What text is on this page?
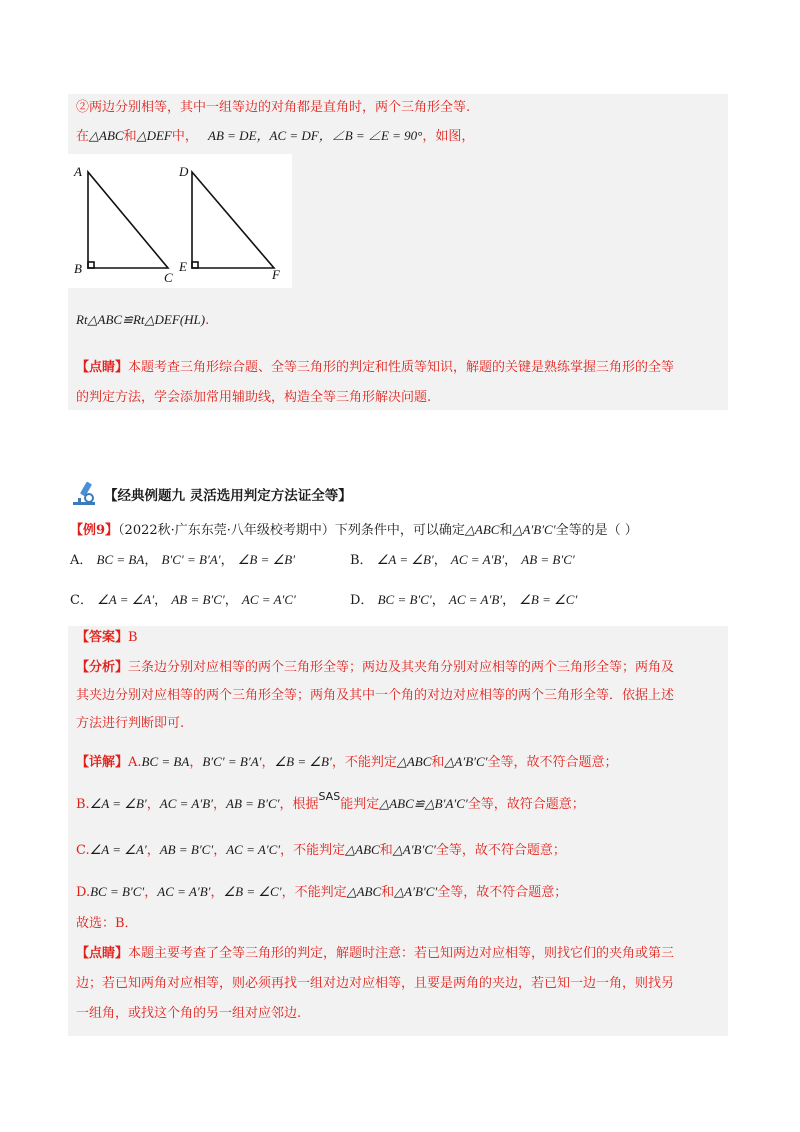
②两边分别相等，其中一组等边的对角都是直角时，两个三角形全等.
在△ABC和△DEF中， AB = DE，AC = DF，∠B = ∠E = 90°，如图，
A
B
C
D
E
F
Rt△ABC≌Rt△DEF(HL).
【点睛】本题考查三角形综合题、全等三角形的判定和性质等知识，解题的关键是熟练掌握三角形的全等
的判定方法，学会添加常用辅助线，构造全等三角形解决问题.
【经典例题九 灵活选用判定方法证全等】
【例9】（2022秋·广东东莞·八年级校考期中）下列条件中，可以确定△ABC和△A′B′C′全等的是（ ）
A． BC = BA， B′C′ = B′A′， ∠B = ∠B′	B． ∠A = ∠B′， AC = A′B′， AB = B′C′
C． ∠A = ∠A′， AB = B′C′， AC = A′C′	D． BC = B′C′， AC = A′B′， ∠B = ∠C′
【答案】B
【分析】三条边分别对应相等的两个三角形全等；两边及其夹角分别对应相等的两个三角形全等；两角及
其夹边分别对应相等的两个三角形全等；两角及其中一个角的对边对应相等的两个三角形全等．依据上述
方法进行判断即可.
【详解】A.BC = BA，B′C′ = B′A′，∠B = ∠B′，不能判定△ABC和△A′B′C′全等，故不符合题意；
B.∠A = ∠B′，AC = A′B′，AB = B′C′，根据$^{SAS}$能判定△ABC≌△B′A′C′全等，故符合题意；
C.∠A = ∠A′，AB = B′C′，AC = A′C′，不能判定△ABC和△A′B′C′全等，故不符合题意；
D.BC = B′C′，AC = A′B′，∠B = ∠C′，不能判定△ABC和△A′B′C′全等，故不符合题意；
故选：B．
【点睛】本题主要考查了全等三角形的判定，解题时注意：若已知两边对应相等，则找它们的夹角或第三
边；若已知两角对应相等，则必须再找一组对边对应相等，且要是两角的夹边，若已知一边一角，则找另
一组角，或找这个角的另一组对应邻边.
